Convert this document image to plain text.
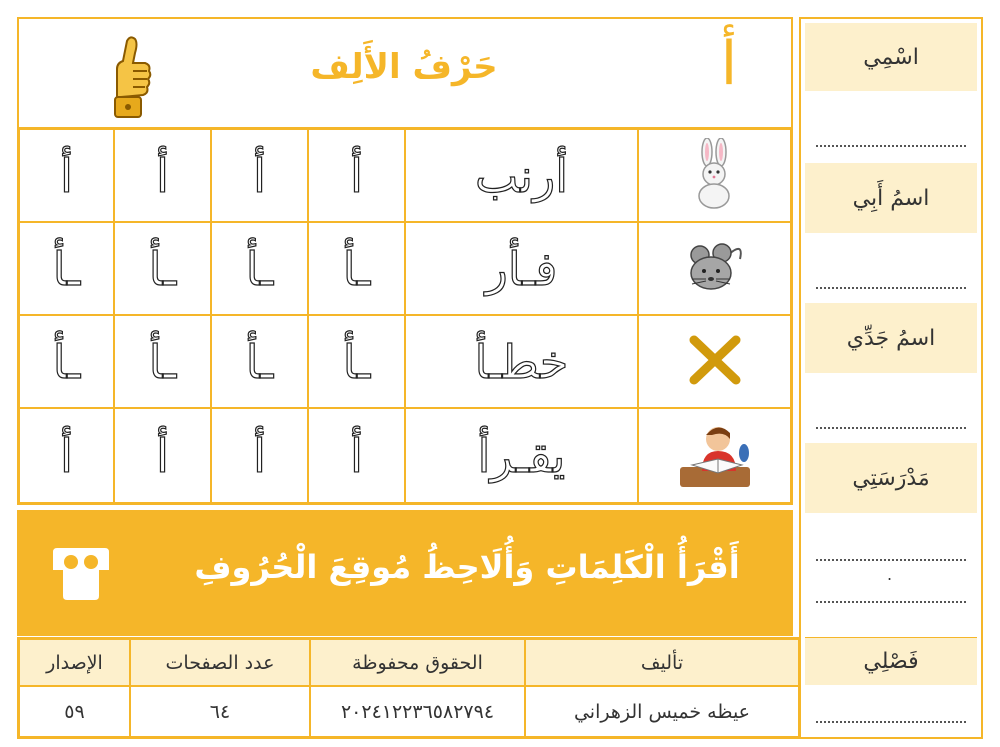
اسْمِي
اسمُ أَبِي
اسمُ جَدِّي
مَدْرَسَتِي
.
فَصْلِي
حَرْفُ الأَلِف	أ
أرنب
أ
أ
أ
أ
فـأر
ـأ
ـأ
ـأ
ـأ
خطـأ
ـأ
ـأ
ـأ
ـأ
يقـرأ
أ
أ
أ
أ
أَقْرَأُ الْكَلِمَاتِ وَأُلَاحِظُ مُوقِعَ الْحُرُوفِ
تأليف
الحقوق محفوظة
عدد الصفحات
الإصدار
عيظه خميس الزهراني
٢٠٢٤١٢٢٣٦٥٨٢٧٩٤
٦٤
٥٩
